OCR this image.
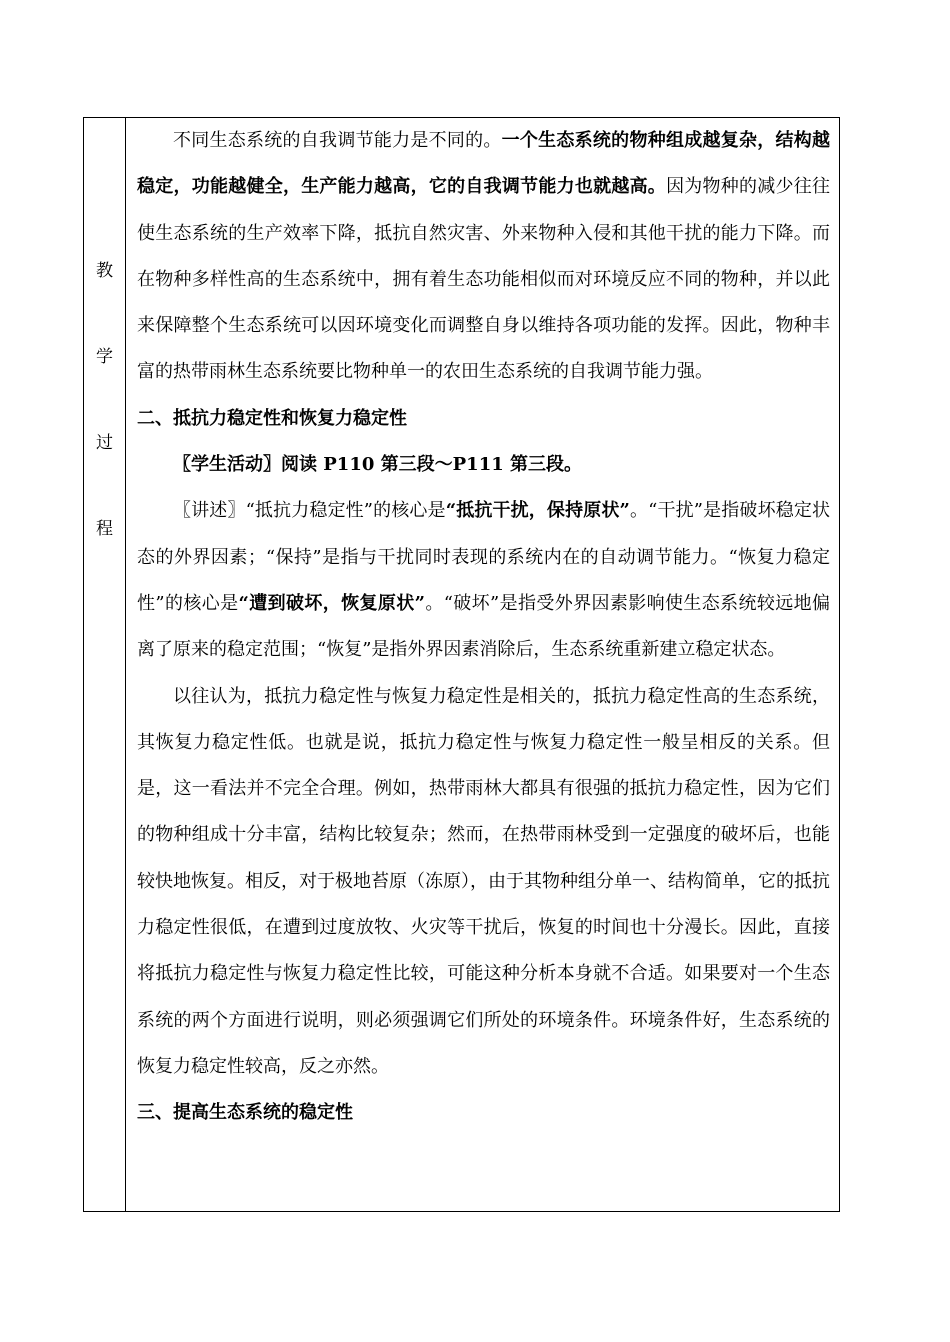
教
学
过
程

不同生态系统的自我调节能力是不同的。一个生态系统的物种组成越复杂，结构越稳定，功能越健全，生产能力越高，它的自我调节能力也就越高。因为物种的减少往往使生态系统的生产效率下降，抵抗自然灾害、外来物种入侵和其他干扰的能力下降。而在物种多样性高的生态系统中，拥有着生态功能相似而对环境反应不同的物种，并以此来保障整个生态系统可以因环境变化而调整自身以维持各项功能的发挥。因此，物种丰富的热带雨林生态系统要比物种单一的农田生态系统的自我调节能力强。

二、抵抗力稳定性和恢复力稳定性

〖学生活动〗阅读 P110 第三段～P111 第三段。

〖讲述〗“抵抗力稳定性”的核心是“抵抗干扰，保持原状”。“干扰”是指破坏稳定状态的外界因素；“保持”是指与干扰同时表现的系统内在的自动调节能力。“恢复力稳定性”的核心是“遭到破坏，恢复原状”。“破坏”是指受外界因素影响使生态系统较远地偏离了原来的稳定范围；“恢复”是指外界因素消除后，生态系统重新建立稳定状态。

以往认为，抵抗力稳定性与恢复力稳定性是相关的，抵抗力稳定性高的生态系统，其恢复力稳定性低。也就是说，抵抗力稳定性与恢复力稳定性一般呈相反的关系。但是，这一看法并不完全合理。例如，热带雨林大都具有很强的抵抗力稳定性，因为它们的物种组成十分丰富，结构比较复杂；然而，在热带雨林受到一定强度的破坏后，也能较快地恢复。相反，对于极地苔原（冻原），由于其物种组分单一、结构简单，它的抵抗力稳定性很低，在遭到过度放牧、火灾等干扰后，恢复的时间也十分漫长。因此，直接将抵抗力稳定性与恢复力稳定性比较，可能这种分析本身就不合适。如果要对一个生态系统的两个方面进行说明，则必须强调它们所处的环境条件。环境条件好，生态系统的恢复力稳定性较高，反之亦然。

三、提高生态系统的稳定性
